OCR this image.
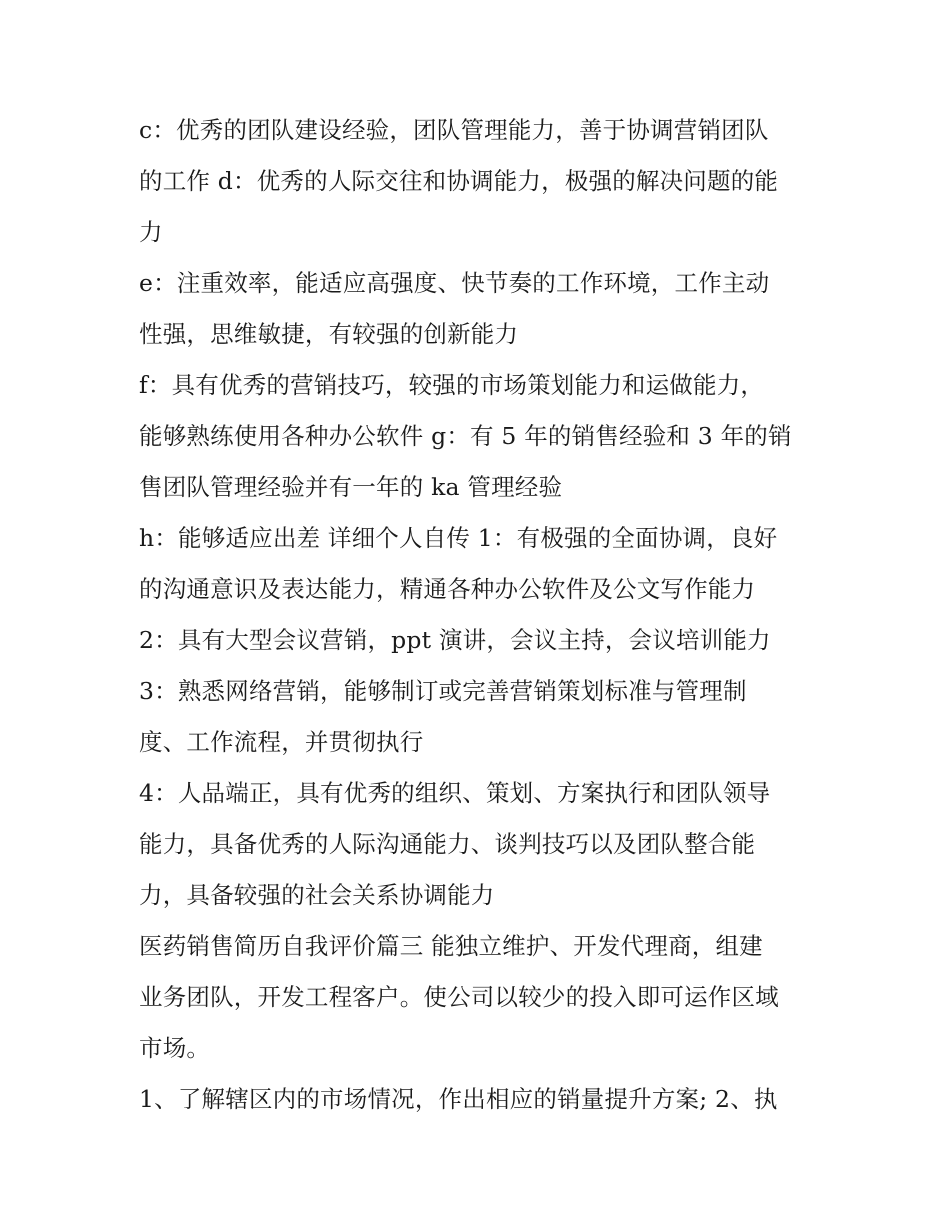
c：优秀的团队建设经验，团队管理能力，善于协调营销团队
的工作 d：优秀的人际交往和协调能力，极强的解决问题的能
力
e：注重效率，能适应高强度、快节奏的工作环境，工作主动
性强，思维敏捷，有较强的创新能力
f：具有优秀的营销技巧，较强的市场策划能力和运做能力，
能够熟练使用各种办公软件 g：有 5 年的销售经验和 3 年的销
售团队管理经验并有一年的 ka 管理经验
h：能够适应出差 详细个人自传 1：有极强的全面协调，良好
的沟通意识及表达能力，精通各种办公软件及公文写作能力
2：具有大型会议营销，ppt 演讲，会议主持，会议培训能力
3：熟悉网络营销，能够制订或完善营销策划标准与管理制
度、工作流程，并贯彻执行
4：人品端正，具有优秀的组织、策划、方案执行和团队领导
能力，具备优秀的人际沟通能力、谈判技巧以及团队整合能
力，具备较强的社会关系协调能力
医药销售简历自我评价篇三 能独立维护、开发代理商，组建
业务团队，开发工程客户。使公司以较少的投入即可运作区域
市场。
1、了解辖区内的市场情况，作出相应的销量提升方案; 2、执
